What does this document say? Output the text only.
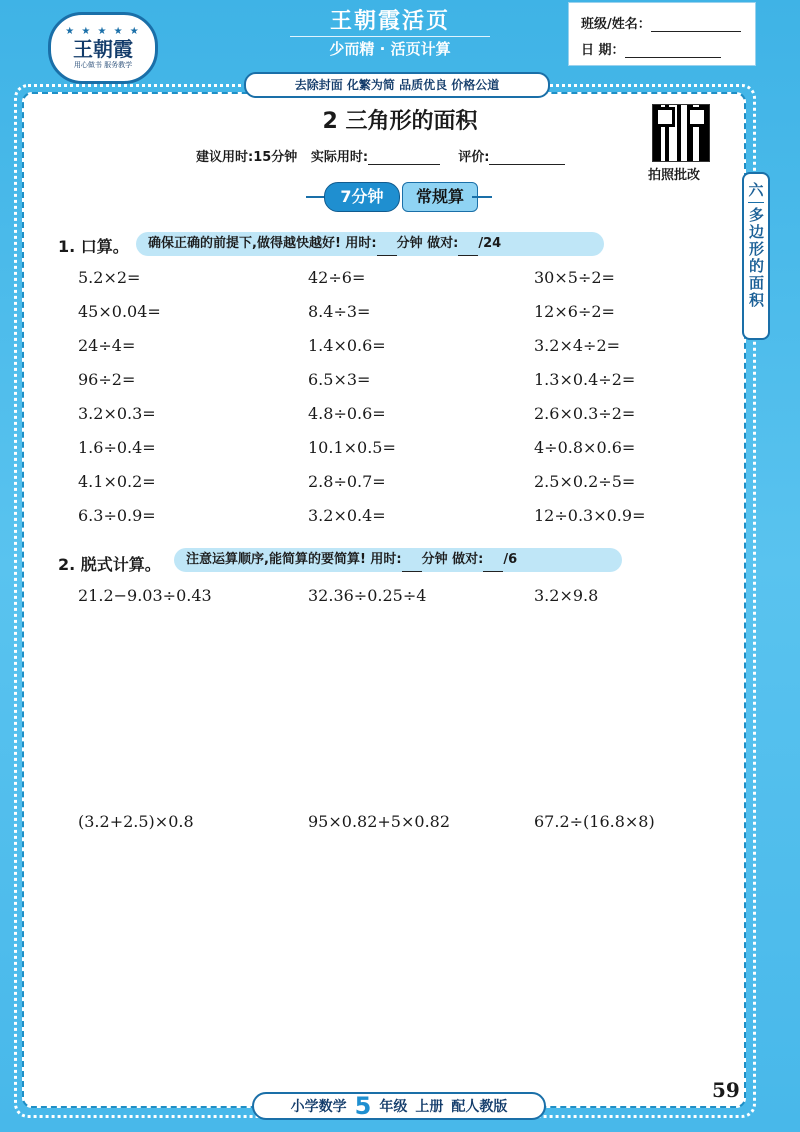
★ ★ ★ ★ ★
王朝霞
用心做书 服务教学
王朝霞活页
少而精 · 活页计算
去除封面 化繁为简 品质优良 价格公道
班级/姓名：
日 期：
六
多边形的面积
2 三角形的面积
建议用时:15分钟 实际用时:	评价:
拍照批改
7分钟	常规算
1. 口算。	确保正确的前提下,做得越快越好! 用时: 分钟 做对: /24
5.2×2=	42÷6=	30×5÷2=
45×0.04=	8.4÷3=	12×6÷2=
24÷4=	1.4×0.6=	3.2×4÷2=
96÷2=	6.5×3=	1.3×0.4÷2=
3.2×0.3=	4.8÷0.6=	2.6×0.3÷2=
1.6÷0.4=	10.1×0.5=	4÷0.8×0.6=
4.1×0.2=	2.8÷0.7=	2.5×0.2÷5=
6.3÷0.9=	3.2×0.4=	12÷0.3×0.9=
2. 脱式计算。	注意运算顺序,能简算的要简算! 用时: 分钟 做对: /6
21.2−9.03÷0.43	32.36÷0.25÷4	3.2×9.8
(3.2+2.5)×0.8	95×0.82+5×0.82	67.2÷(16.8×8)
小学数学 5 年级 上册 配人教版
59
